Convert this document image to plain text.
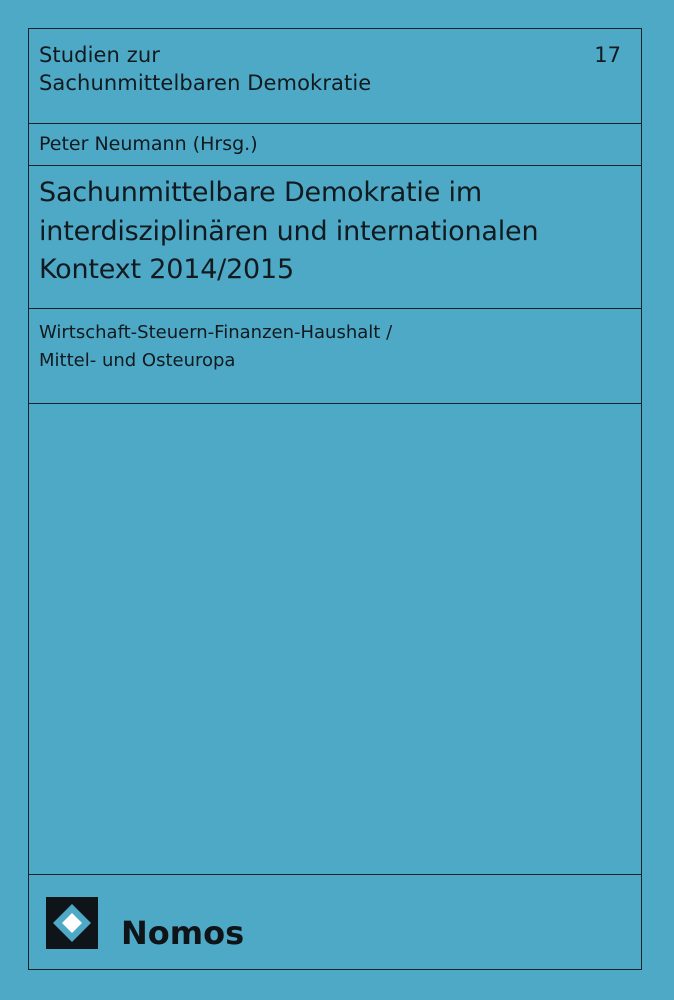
Studien zur
Sachunmittelbaren Demokratie
17
Peter Neumann (Hrsg.)
Sachunmittelbare Demokratie im
interdisziplinären und internationalen
Kontext 2014/2015
Wirtschaft-Steuern-Finanzen-Haushalt /
Mittel- und Osteuropa
Nomos
